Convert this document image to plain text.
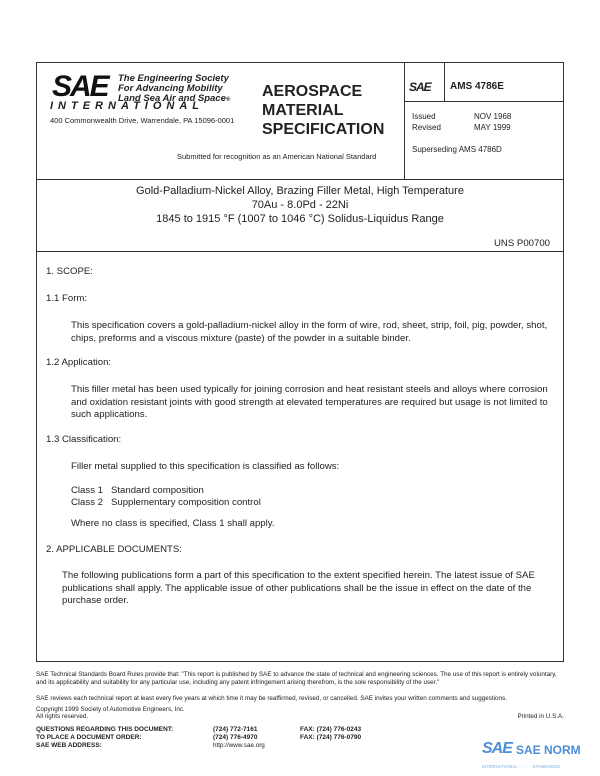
SAE The Engineering Society
For Advancing Mobility
Land Sea Air and Space®
INTERNATIONAL
400 Commonwealth Drive, Warrendale, PA 15096-0001
AEROSPACE
MATERIAL
SPECIFICATION
Submitted for recognition as an American National Standard
SAE AMS 4786E
Issued	NOV 1968
Revised	MAY 1999
Superseding AMS 4786D
Gold-Palladium-Nickel Alloy, Brazing Filler Metal, High Temperature
70Au - 8.0Pd - 22Ni
1845 to 1915 °F (1007 to 1046 °C) Solidus-Liquidus Range
UNS P00700
1. SCOPE:
1.1 Form:
This specification covers a gold-palladium-nickel alloy in the form of wire, rod, sheet, strip, foil, pig, powder, shot, chips, preforms and a viscous mixture (paste) of the powder in a suitable binder.
1.2 Application:
This filler metal has been used typically for joining corrosion and heat resistant steels and alloys where corrosion and oxidation resistant joints with good strength at elevated temperatures are required but usage is not limited to such applications.
1.3 Classification:
Filler metal supplied to this specification is classified as follows:
Class 1   Standard composition
Class 2   Supplementary composition control
Where no class is specified, Class 1 shall apply.
2. APPLICABLE DOCUMENTS:
The following publications form a part of this specification to the extent specified herein. The latest issue of SAE publications shall apply. The applicable issue of other publications shall be the issue in effect on the date of the purchase order.
SAE Technical Standards Board Rules provide that: "This report is published by SAE to advance the state of technical and engineering sciences. The use of this report is entirely voluntary, and its applicability and suitability for any particular use, including any patent infringement arising therefrom, is the sole responsibility of the user."
SAE reviews each technical report at least every five years at which time it may be reaffirmed, revised, or cancelled. SAE invites your written comments and suggestions.
Copyright 1999 Society of Automotive Engineers, Inc.
All rights reserved.	Printed in U.S.A.
QUESTIONS REGARDING THIS DOCUMENT:	(724) 772-7161	FAX: (724) 776-0243
TO PLACE A DOCUMENT ORDER:	(724) 776-4970	FAX: (724) 776-0790
SAE WEB ADDRESS:	http://www.sae.org	SAE SAE NORM
INTERNATIONAL · · · · · STANDARDS
